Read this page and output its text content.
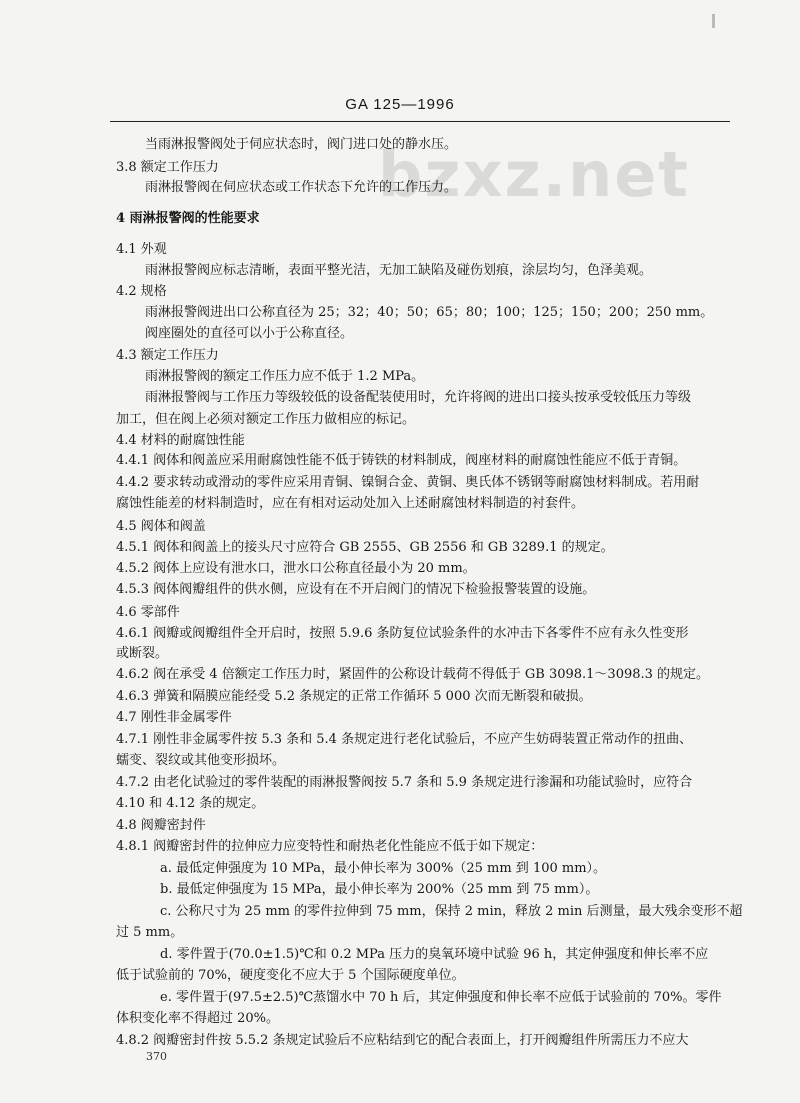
GA 125—1996
bzxz.net
当雨淋报警阀处于伺应状态时，阀门进口处的静水压。
3.8 额定工作压力
雨淋报警阀在伺应状态或工作状态下允许的工作压力。
4 雨淋报警阀的性能要求
4.1 外观
雨淋报警阀应标志清晰，表面平整光洁，无加工缺陷及碰伤划痕，涂层均匀，色泽美观。
4.2 规格
雨淋报警阀进出口公称直径为 25；32；40；50；65；80；100；125；150；200；250 mm。
阀座圈处的直径可以小于公称直径。
4.3 额定工作压力
雨淋报警阀的额定工作压力应不低于 1.2 MPa。
雨淋报警阀与工作压力等级较低的设备配装使用时，允许将阀的进出口接头按承受较低压力等级
加工，但在阀上必须对额定工作压力做相应的标记。
4.4 材料的耐腐蚀性能
4.4.1 阀体和阀盖应采用耐腐蚀性能不低于铸铁的材料制成，阀座材料的耐腐蚀性能应不低于青铜。
4.4.2 要求转动或滑动的零件应采用青铜、镍铜合金、黄铜、奥氏体不锈钢等耐腐蚀材料制成。若用耐
腐蚀性能差的材料制造时，应在有相对运动处加入上述耐腐蚀材料制造的衬套件。
4.5 阀体和阀盖
4.5.1 阀体和阀盖上的接头尺寸应符合 GB 2555、GB 2556 和 GB 3289.1 的规定。
4.5.2 阀体上应设有泄水口，泄水口公称直径最小为 20 mm。
4.5.3 阀体阀瓣组件的供水侧，应设有在不开启阀门的情况下检验报警装置的设施。
4.6 零部件
4.6.1 阀瓣或阀瓣组件全开启时，按照 5.9.6 条防复位试验条件的水冲击下各零件不应有永久性变形
或断裂。
4.6.2 阀在承受 4 倍额定工作压力时，紧固件的公称设计载荷不得低于 GB 3098.1～3098.3 的规定。
4.6.3 弹簧和隔膜应能经受 5.2 条规定的正常工作循环 5 000 次而无断裂和破损。
4.7 刚性非金属零件
4.7.1 刚性非金属零件按 5.3 条和 5.4 条规定进行老化试验后，不应产生妨碍装置正常动作的扭曲、
蠕变、裂纹或其他变形损坏。
4.7.2 由老化试验过的零件装配的雨淋报警阀按 5.7 条和 5.9 条规定进行渗漏和功能试验时，应符合
4.10 和 4.12 条的规定。
4.8 阀瓣密封件
4.8.1 阀瓣密封件的拉伸应力应变特性和耐热老化性能应不低于如下规定：
a. 最低定伸强度为 10 MPa，最小伸长率为 300%（25 mm 到 100 mm）。
b. 最低定伸强度为 15 MPa，最小伸长率为 200%（25 mm 到 75 mm）。
c. 公称尺寸为 25 mm 的零件拉伸到 75 mm，保持 2 min，释放 2 min 后测量，最大残余变形不超
过 5 mm。
d. 零件置于(70.0±1.5)℃和 0.2 MPa 压力的臭氧环境中试验 96 h，其定伸强度和伸长率不应
低于试验前的 70%，硬度变化不应大于 5 个国际硬度单位。
e. 零件置于(97.5±2.5)℃蒸馏水中 70 h 后，其定伸强度和伸长率不应低于试验前的 70%。零件
体积变化率不得超过 20%。
4.8.2 阀瓣密封件按 5.5.2 条规定试验后不应粘结到它的配合表面上，打开阀瓣组件所需压力不应大
370
